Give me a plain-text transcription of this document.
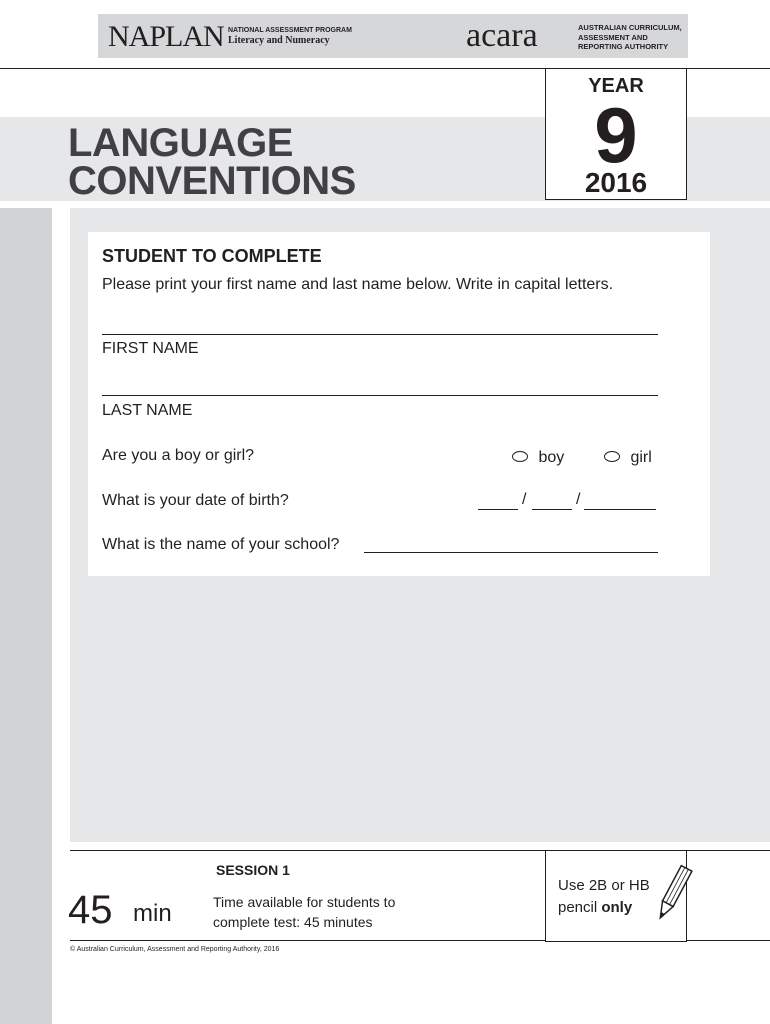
NAPLAN NATIONAL ASSESSMENT PROGRAM
Literacy and Numeracy	acara	AUSTRALIAN CURRICULUM,
ASSESSMENT AND
REPORTING AUTHORITY
LANGUAGE
CONVENTIONS
YEAR
9
2016
STUDENT TO COMPLETE
Please print your first name and last name below. Write in capital letters.
FIRST NAME
LAST NAME
Are you a boy or girl?	boy	girl
What is your date of birth?	/	/
What is the name of your school?
SESSION 1
45 min	Time available for students to
complete test: 45 minutes
Use 2B or HB
pencil only
© Australian Curriculum, Assessment and Reporting Authority, 2016
